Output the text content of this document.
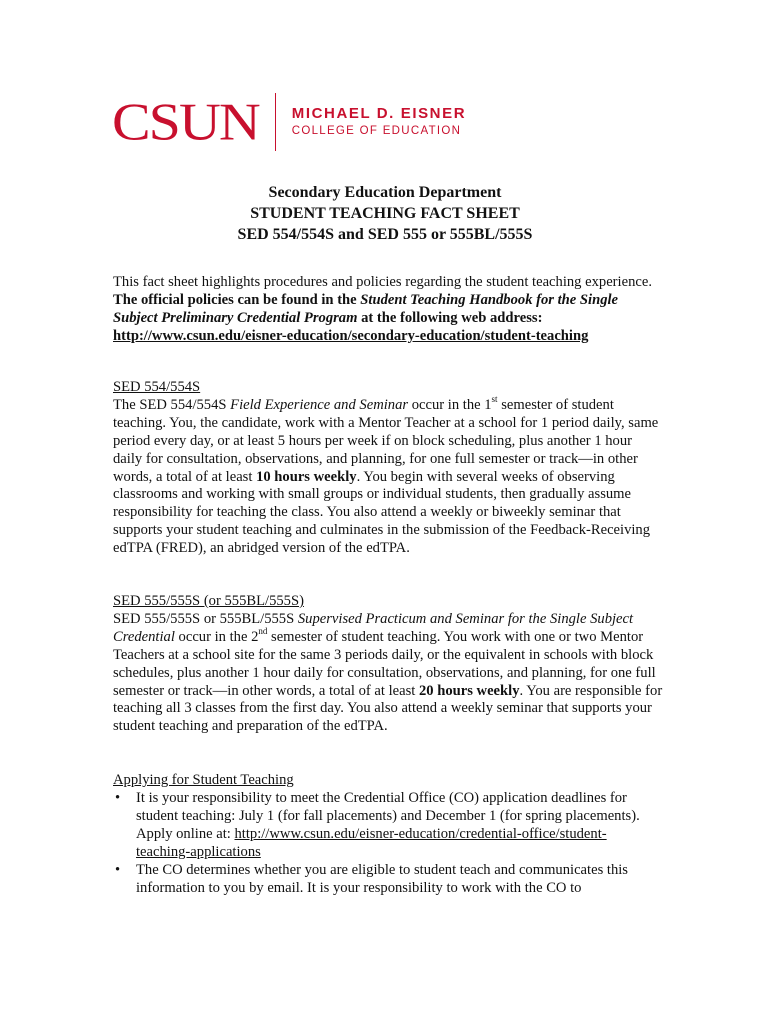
CSUN MICHAEL D. EISNER
COLLEGE OF EDUCATION
Secondary Education Department
STUDENT TEACHING FACT SHEET
SED 554/554S and SED 555 or 555BL/555S
This fact sheet highlights procedures and policies regarding the student teaching experience. The official policies can be found in the Student Teaching Handbook for the Single Subject Preliminary Credential Program at the following web address: http://www.csun.edu/eisner-education/secondary-education/student-teaching
SED 554/554S
The SED 554/554S Field Experience and Seminar occur in the 1st semester of student teaching. You, the candidate, work with a Mentor Teacher at a school for 1 period daily, same period every day, or at least 5 hours per week if on block scheduling, plus another 1 hour daily for consultation, observations, and planning, for one full semester or track—in other words, a total of at least 10 hours weekly. You begin with several weeks of observing classrooms and working with small groups or individual students, then gradually assume responsibility for teaching the class. You also attend a weekly or biweekly seminar that supports your student teaching and culminates in the submission of the Feedback-Receiving edTPA (FRED), an abridged version of the edTPA.
SED 555/555S (or 555BL/555S)
SED 555/555S or 555BL/555S Supervised Practicum and Seminar for the Single Subject Credential occur in the 2nd semester of student teaching. You work with one or two Mentor Teachers at a school site for the same 3 periods daily, or the equivalent in schools with block schedules, plus another 1 hour daily for consultation, observations, and planning, for one full semester or track—in other words, a total of at least 20 hours weekly. You are responsible for teaching all 3 classes from the first day. You also attend a weekly seminar that supports your student teaching and preparation of the edTPA.
Applying for Student Teaching
• It is your responsibility to meet the Credential Office (CO) application deadlines for student teaching: July 1 (for fall placements) and December 1 (for spring placements). Apply online at: http://www.csun.edu/eisner-education/credential-office/student-teaching-applications
• The CO determines whether you are eligible to student teach and communicates this information to you by email. It is your responsibility to work with the CO to
